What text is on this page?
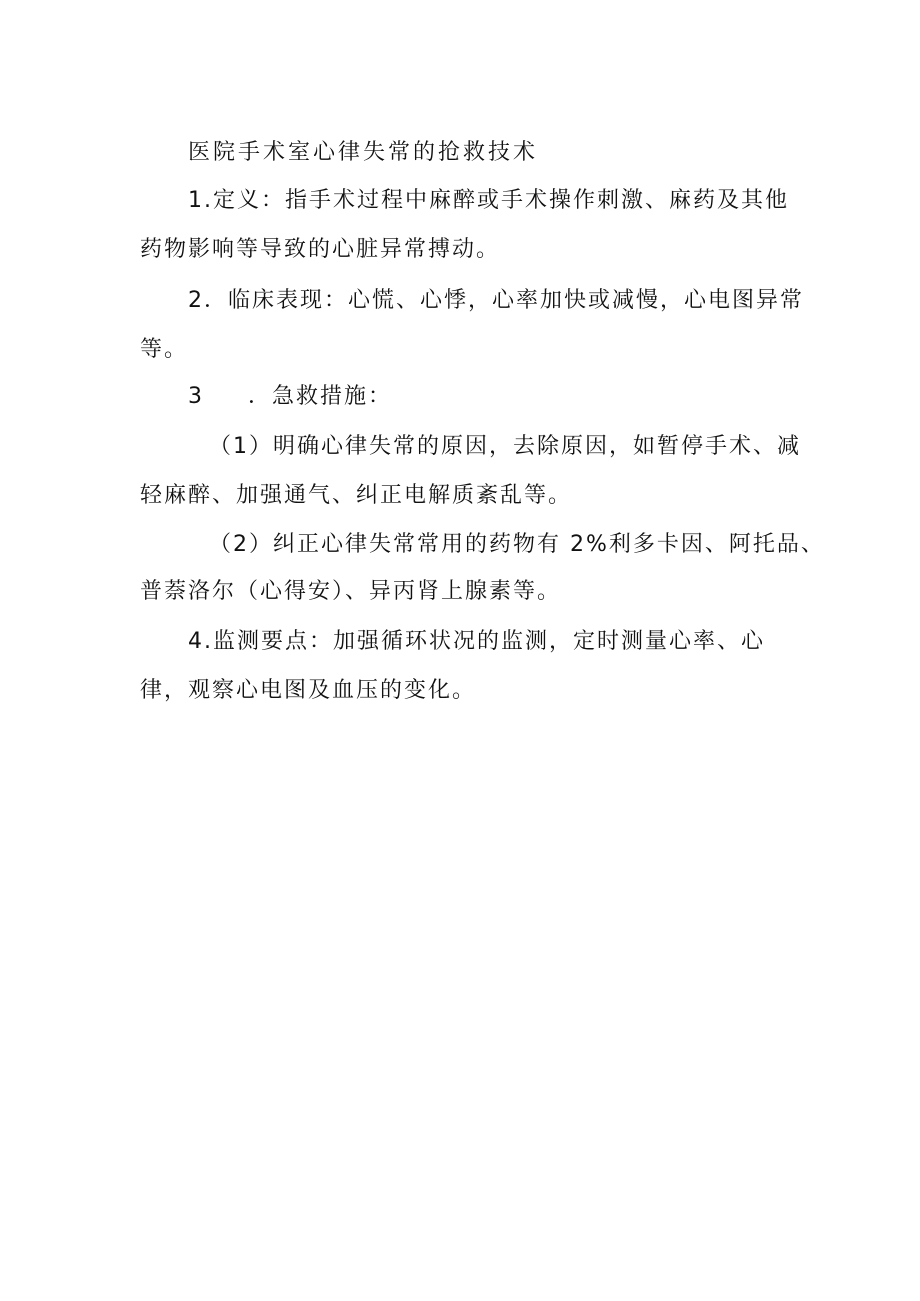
医院手术室心律失常的抢救技术
1.定义：指手术过程中麻醉或手术操作刺激、麻药及其他
药物影响等导致的心脏异常搏动。
2．临床表现：心慌、心悸，心率加快或减慢，心电图异常
等。
3 ．急救措施：
（1）明确心律失常的原因，去除原因，如暂停手术、减
轻麻醉、加强通气、纠正电解质紊乱等。
（2）纠正心律失常常用的药物有 2%利多卡因、阿托品、
普萘洛尔（心得安）、异丙肾上腺素等。
4.监测要点：加强循环状况的监测，定时测量心率、心
律，观察心电图及血压的变化。
